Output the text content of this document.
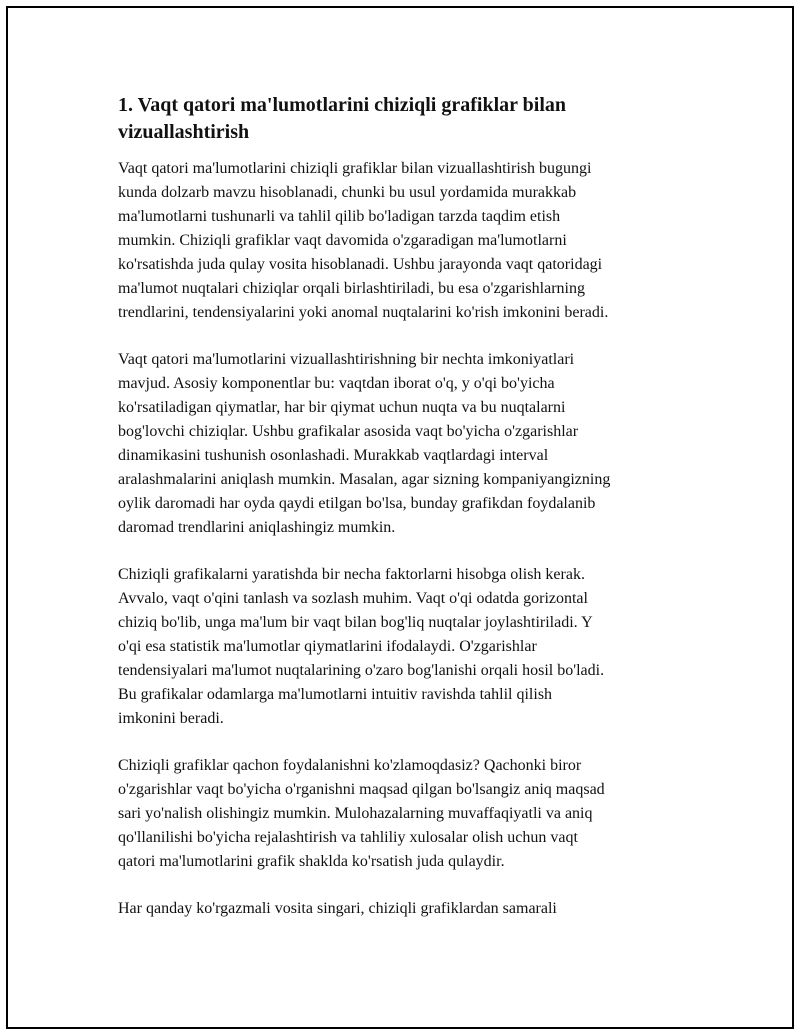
1. Vaqt qatori ma'lumotlarini chiziqli grafiklar bilan
vizuallashtirish

Vaqt qatori ma'lumotlarini chiziqli grafiklar bilan vizuallashtirish bugungi
kunda dolzarb mavzu hisoblanadi, chunki bu usul yordamida murakkab
ma'lumotlarni tushunarli va tahlil qilib bo'ladigan tarzda taqdim etish
mumkin. Chiziqli grafiklar vaqt davomida o'zgaradigan ma'lumotlarni
ko'rsatishda juda qulay vosita hisoblanadi. Ushbu jarayonda vaqt qatoridagi
ma'lumot nuqtalari chiziqlar orqali birlashtiriladi, bu esa o'zgarishlarning
trendlarini, tendensiyalarini yoki anomal nuqtalarini ko'rish imkonini beradi.

Vaqt qatori ma'lumotlarini vizuallashtirishning bir nechta imkoniyatlari
mavjud. Asosiy komponentlar bu: vaqtdan iborat o'q, y o'qi bo'yicha
ko'rsatiladigan qiymatlar, har bir qiymat uchun nuqta va bu nuqtalarni
bog'lovchi chiziqlar. Ushbu grafikalar asosida vaqt bo'yicha o'zgarishlar
dinamikasini tushunish osonlashadi. Murakkab vaqtlardagi interval
aralashmalarini aniqlash mumkin. Masalan, agar sizning kompaniyangizning
oylik daromadi har oyda qaydi etilgan bo'lsa, bunday grafikdan foydalanib
daromad trendlarini aniqlashingiz mumkin.

Chiziqli grafikalarni yaratishda bir necha faktorlarni hisobga olish kerak.
Avvalo, vaqt o'qini tanlash va sozlash muhim. Vaqt o'qi odatda gorizontal
chiziq bo'lib, unga ma'lum bir vaqt bilan bog'liq nuqtalar joylashtiriladi. Y
o'qi esa statistik ma'lumotlar qiymatlarini ifodalaydi. O'zgarishlar
tendensiyalari ma'lumot nuqtalarining o'zaro bog'lanishi orqali hosil bo'ladi.
Bu grafikalar odamlarga ma'lumotlarni intuitiv ravishda tahlil qilish
imkonini beradi.

Chiziqli grafiklar qachon foydalanishni ko'zlamoqdasiz? Qachonki biror
o'zgarishlar vaqt bo'yicha o'rganishni maqsad qilgan bo'lsangiz aniq maqsad
sari yo'nalish olishingiz mumkin. Mulohazalarning muvaffaqiyatli va aniq
qo'llanilishi bo'yicha rejalashtirish va tahliliy xulosalar olish uchun vaqt
qatori ma'lumotlarini grafik shaklda ko'rsatish juda qulaydir.

Har qanday ko'rgazmali vosita singari, chiziqli grafiklardan samarali
